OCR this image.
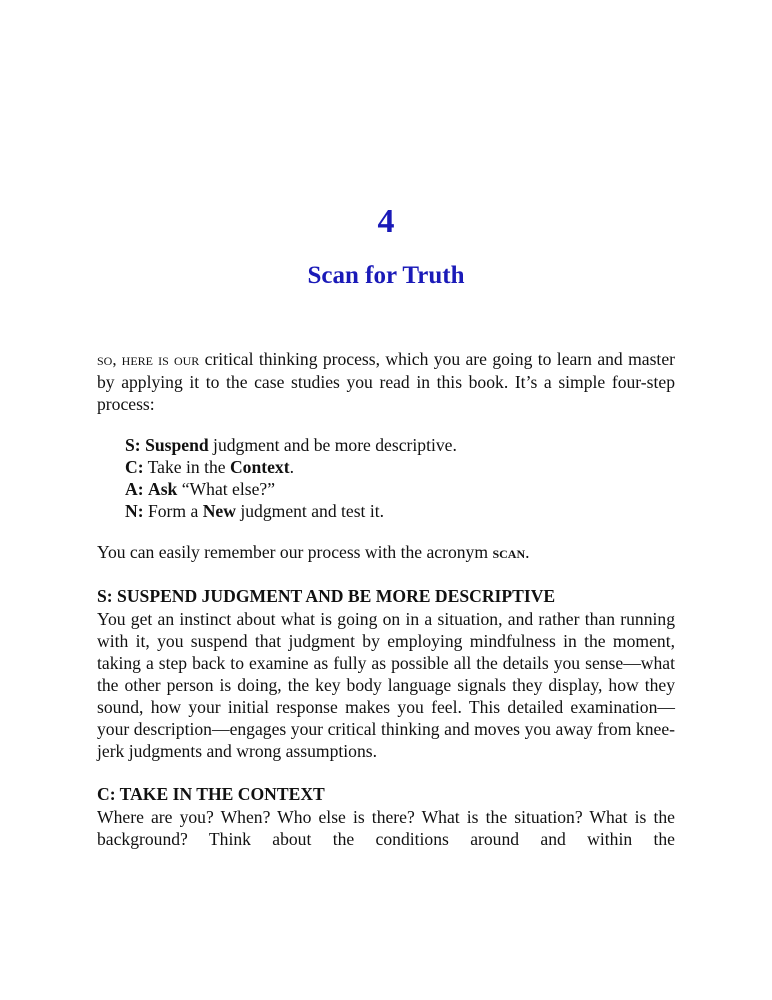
4
Scan for Truth

so, here is our critical thinking process, which you are going to learn and master by applying it to the case studies you read in this book. It’s a simple four-step process:

S: Suspend judgment and be more descriptive.
C: Take in the Context.
A: Ask “What else?”
N: Form a New judgment and test it.

You can easily remember our process with the acronym scan.

S: SUSPEND JUDGMENT AND BE MORE DESCRIPTIVE

You get an instinct about what is going on in a situation, and rather than running with it, you suspend that judgment by employing mindfulness in the moment, taking a step back to examine as fully as possible all the details you sense—what the other person is doing, the key body language signals they display, how they sound, how your initial response makes you feel. This detailed examination—your description—engages your critical thinking and moves you away from knee-jerk judgments and wrong assumptions.

C: TAKE IN THE CONTEXT

Where are you? When? Who else is there? What is the situation? What is the background? Think about the conditions around and within the
